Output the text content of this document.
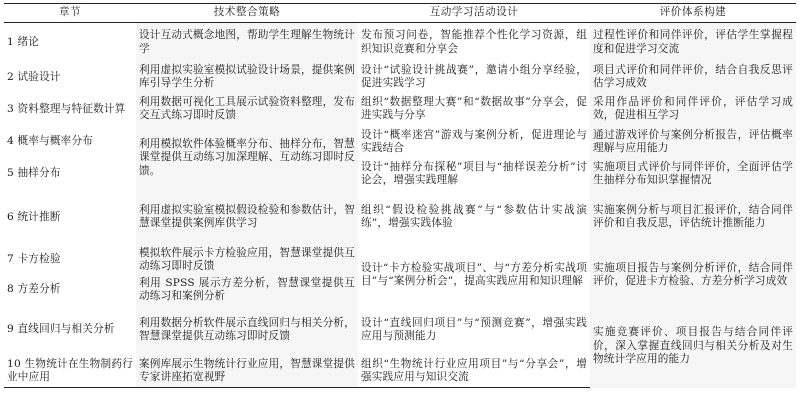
章节	技术整合策略	互动学习活动设计	评价体系构建
1 绪论	设计互动式概念地图，帮助学生理解生物统计学	发布预习问卷，智能推荐个性化学习资源，组织知识竞赛和分享会	过程性评价和同伴评价，评估学生掌握程度和促进学习交流
2 试验设计	利用虚拟实验室模拟试验设计场景，提供案例库引导学生分析	设计“试验设计挑战赛”，邀请小组分享经验，促进实践学习	项目式评价和同伴评价，结合自我反思评估学习成效
3 资料整理与特征数计算	利用数据可视化工具展示试验资料整理，发布交互式练习即时反馈	组织“数据整理大赛”和“数据故事”分享会，促进实践与分享	采用作品评价和同伴评价，评估学习成效，促进相互学习
4 概率与概率分布	利用模拟软件体验概率分布、抽样分布，智慧课堂提供互动练习加深理解、互动练习即时反馈。	设计“概率迷宫”游戏与案例分析，促进理论与实践结合	通过游戏评价与案例分析报告，评估概率理解与应用能力
5 抽样分布		设计“抽样分布探秘”项目与“抽样误差分析”讨论会，增强实践理解	实施项目式评价与同伴评价，全面评估学生抽样分布知识掌握情况
6 统计推断	利用虚拟实验室模拟假设检验和参数估计，智慧课堂提供案例库供学习	组织“假设检验挑战赛”与“参数估计实战演练”，增强实践体验	实施案例分析与项目汇报评价，结合同伴评价和自我反思，评估统计推断能力
7 卡方检验	模拟软件展示卡方检验应用，智慧课堂提供互动练习即时反馈	设计“卡方检验实战项目”、与“方差分析实战项目”与“案例分析会”，提高实践应用和知识理解	实施项目报告与案例分析评价，结合同伴评价，促进卡方检验、方差分析学习成效
8 方差分析	利用 SPSS 展示方差分析，智慧课堂提供互动练习和案例分析		
9 直线回归与相关分析	利用数据分析软件展示直线回归与相关分析，智慧课堂提供互动练习即时反馈	设计“直线回归项目”与“预测竞赛”，增强实践应用与预测能力	实施竞赛评价、项目报告与结合同伴评价，深入掌握直线回归与相关分析及对生物统计学应用的能力
10 生物统计在生物制药行业中应用	案例库展示生物统计行业应用，智慧课堂提供专家讲座拓宽视野	组织“生物统计行业应用项目”与“分享会”，增强实践应用与知识交流	
